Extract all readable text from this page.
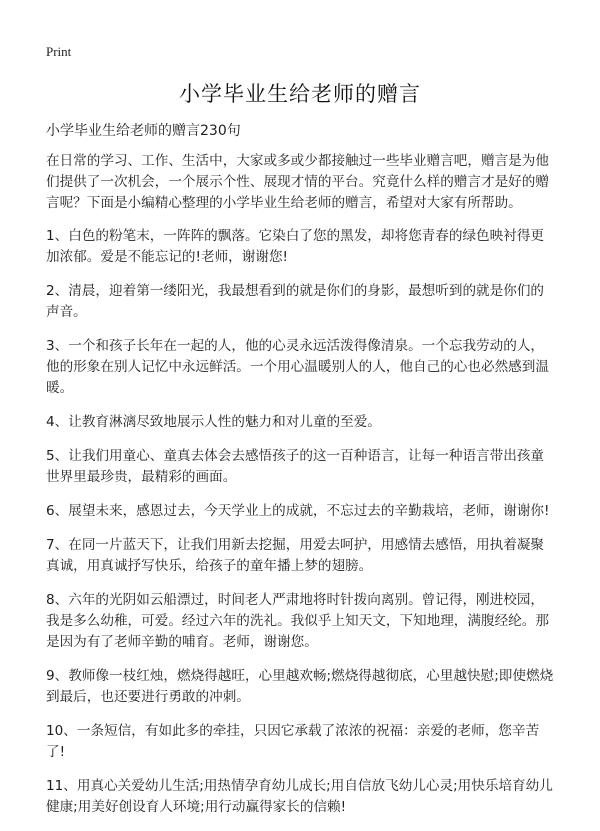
Print
小学毕业生给老师的赠言
小学毕业生给老师的赠言230句

在日常的学习、工作、生活中，大家或多或少都接触过一些毕业赠言吧，赠言是为他们提供了一次机会，一个展示个性、展现才情的平台。究竟什么样的赠言才是好的赠言呢？下面是小编精心整理的小学毕业生给老师的赠言，希望对大家有所帮助。

1、白色的粉笔末，一阵阵的飘落。它染白了您的黑发，却将您青春的绿色映衬得更加浓郁。爱是不能忘记的!老师，谢谢您!

2、清晨，迎着第一缕阳光，我最想看到的就是你们的身影，最想听到的就是你们的声音。

3、一个和孩子长年在一起的人，他的心灵永远活泼得像清泉。一个忘我劳动的人，他的形象在别人记忆中永远鲜活。一个用心温暖别人的人，他自己的心也必然感到温暖。

4、让教育淋漓尽致地展示人性的魅力和对儿童的至爱。

5、让我们用童心、童真去体会去感悟孩子的这一百种语言，让每一种语言带出孩童世界里最珍贵，最精彩的画面。

6、展望未来，感恩过去，今天学业上的成就，不忘过去的辛勤栽培，老师，谢谢你!

7、在同一片蓝天下，让我们用新去挖掘，用爱去呵护，用感情去感悟，用执着凝聚真诚，用真诚抒写快乐，给孩子的童年播上梦的翅膀。

8、六年的光阴如云船漂过，时间老人严肃地将时针拨向离别。曾记得，刚进校园，我是多么幼稚，可爱。经过六年的洗礼。我似乎上知天文，下知地理，满腹经纶。那是因为有了老师辛勤的哺育。老师，谢谢您。

9、教师像一枝红烛，燃烧得越旺，心里越欢畅;燃烧得越彻底，心里越快慰;即使燃烧到最后，也还要进行勇敢的冲刺。

10、一条短信，有如此多的牵挂，只因它承载了浓浓的祝福：亲爱的老师，您辛苦了!

11、用真心关爱幼儿生活;用热情孕育幼儿成长;用自信放飞幼儿心灵;用快乐培育幼儿健康;用美好创设育人环境;用行动赢得家长的信赖!
